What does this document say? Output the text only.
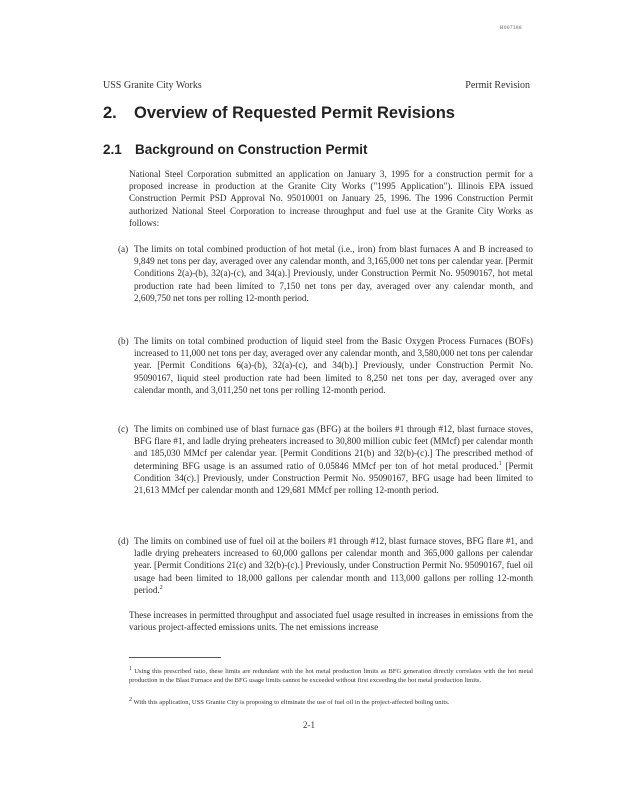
H007388
USS Granite City Works	Permit Revision
2. Overview of Requested Permit Revisions
2.1 Background on Construction Permit
National Steel Corporation submitted an application on January 3, 1995 for a construction permit for a proposed increase in production at the Granite City Works ("1995 Application"). Illinois EPA issued Construction Permit PSD Approval No. 95010001 on January 25, 1996. The 1996 Construction Permit authorized National Steel Corporation to increase throughput and fuel use at the Granite City Works as follows:
(a) The limits on total combined production of hot metal (i.e., iron) from blast furnaces A and B increased to 9,849 net tons per day, averaged over any calendar month, and 3,165,000 net tons per calendar year. [Permit Conditions 2(a)-(b), 32(a)-(c), and 34(a).] Previously, under Construction Permit No. 95090167, hot metal production rate had been limited to 7,150 net tons per day, averaged over any calendar month, and 2,609,750 net tons per rolling 12-month period.
(b) The limits on total combined production of liquid steel from the Basic Oxygen Process Furnaces (BOFs) increased to 11,000 net tons per day, averaged over any calendar month, and 3,580,000 net tons per calendar year. [Permit Conditions 6(a)-(b), 32(a)-(c), and 34(b).] Previously, under Construction Permit No. 95090167, liquid steel production rate had been limited to 8,250 net tons per day, averaged over any calendar month, and 3,011,250 net tons per rolling 12-month period.
(c) The limits on combined use of blast furnace gas (BFG) at the boilers #1 through #12, blast furnace stoves, BFG flare #1, and ladle drying preheaters increased to 30,800 million cubic feet (MMcf) per calendar month and 185,030 MMcf per calendar year. [Permit Conditions 21(b) and 32(b)-(c).] The prescribed method of determining BFG usage is an assumed ratio of 0.05846 MMcf per ton of hot metal produced.$^1$ [Permit Condition 34(c).] Previously, under Construction Permit No. 95090167, BFG usage had been limited to 21,613 MMcf per calendar month and 129,681 MMcf per rolling 12-month period.
(d) The limits on combined use of fuel oil at the boilers #1 through #12, blast furnace stoves, BFG flare #1, and ladle drying preheaters increased to 60,000 gallons per calendar month and 365,000 gallons per calendar year. [Permit Conditions 21(c) and 32(b)-(c).] Previously, under Construction Permit No. 95090167, fuel oil usage had been limited to 18,000 gallons per calendar month and 113,000 gallons per rolling 12-month period.$^2$
These increases in permitted throughput and associated fuel usage resulted in increases in emissions from the various project-affected emissions units. The net emissions increase
$^1$ Using this prescribed ratio, these limits are redundant with the hot metal production limits as BFG generation directly correlates with the hot metal production in the Blast Furnace and the BFG usage limits cannot be exceeded without first exceeding the hot metal production limits.
$^2$ With this application, USS Granite City is proposing to eliminate the use of fuel oil in the project-affected boiling units.
2-1
